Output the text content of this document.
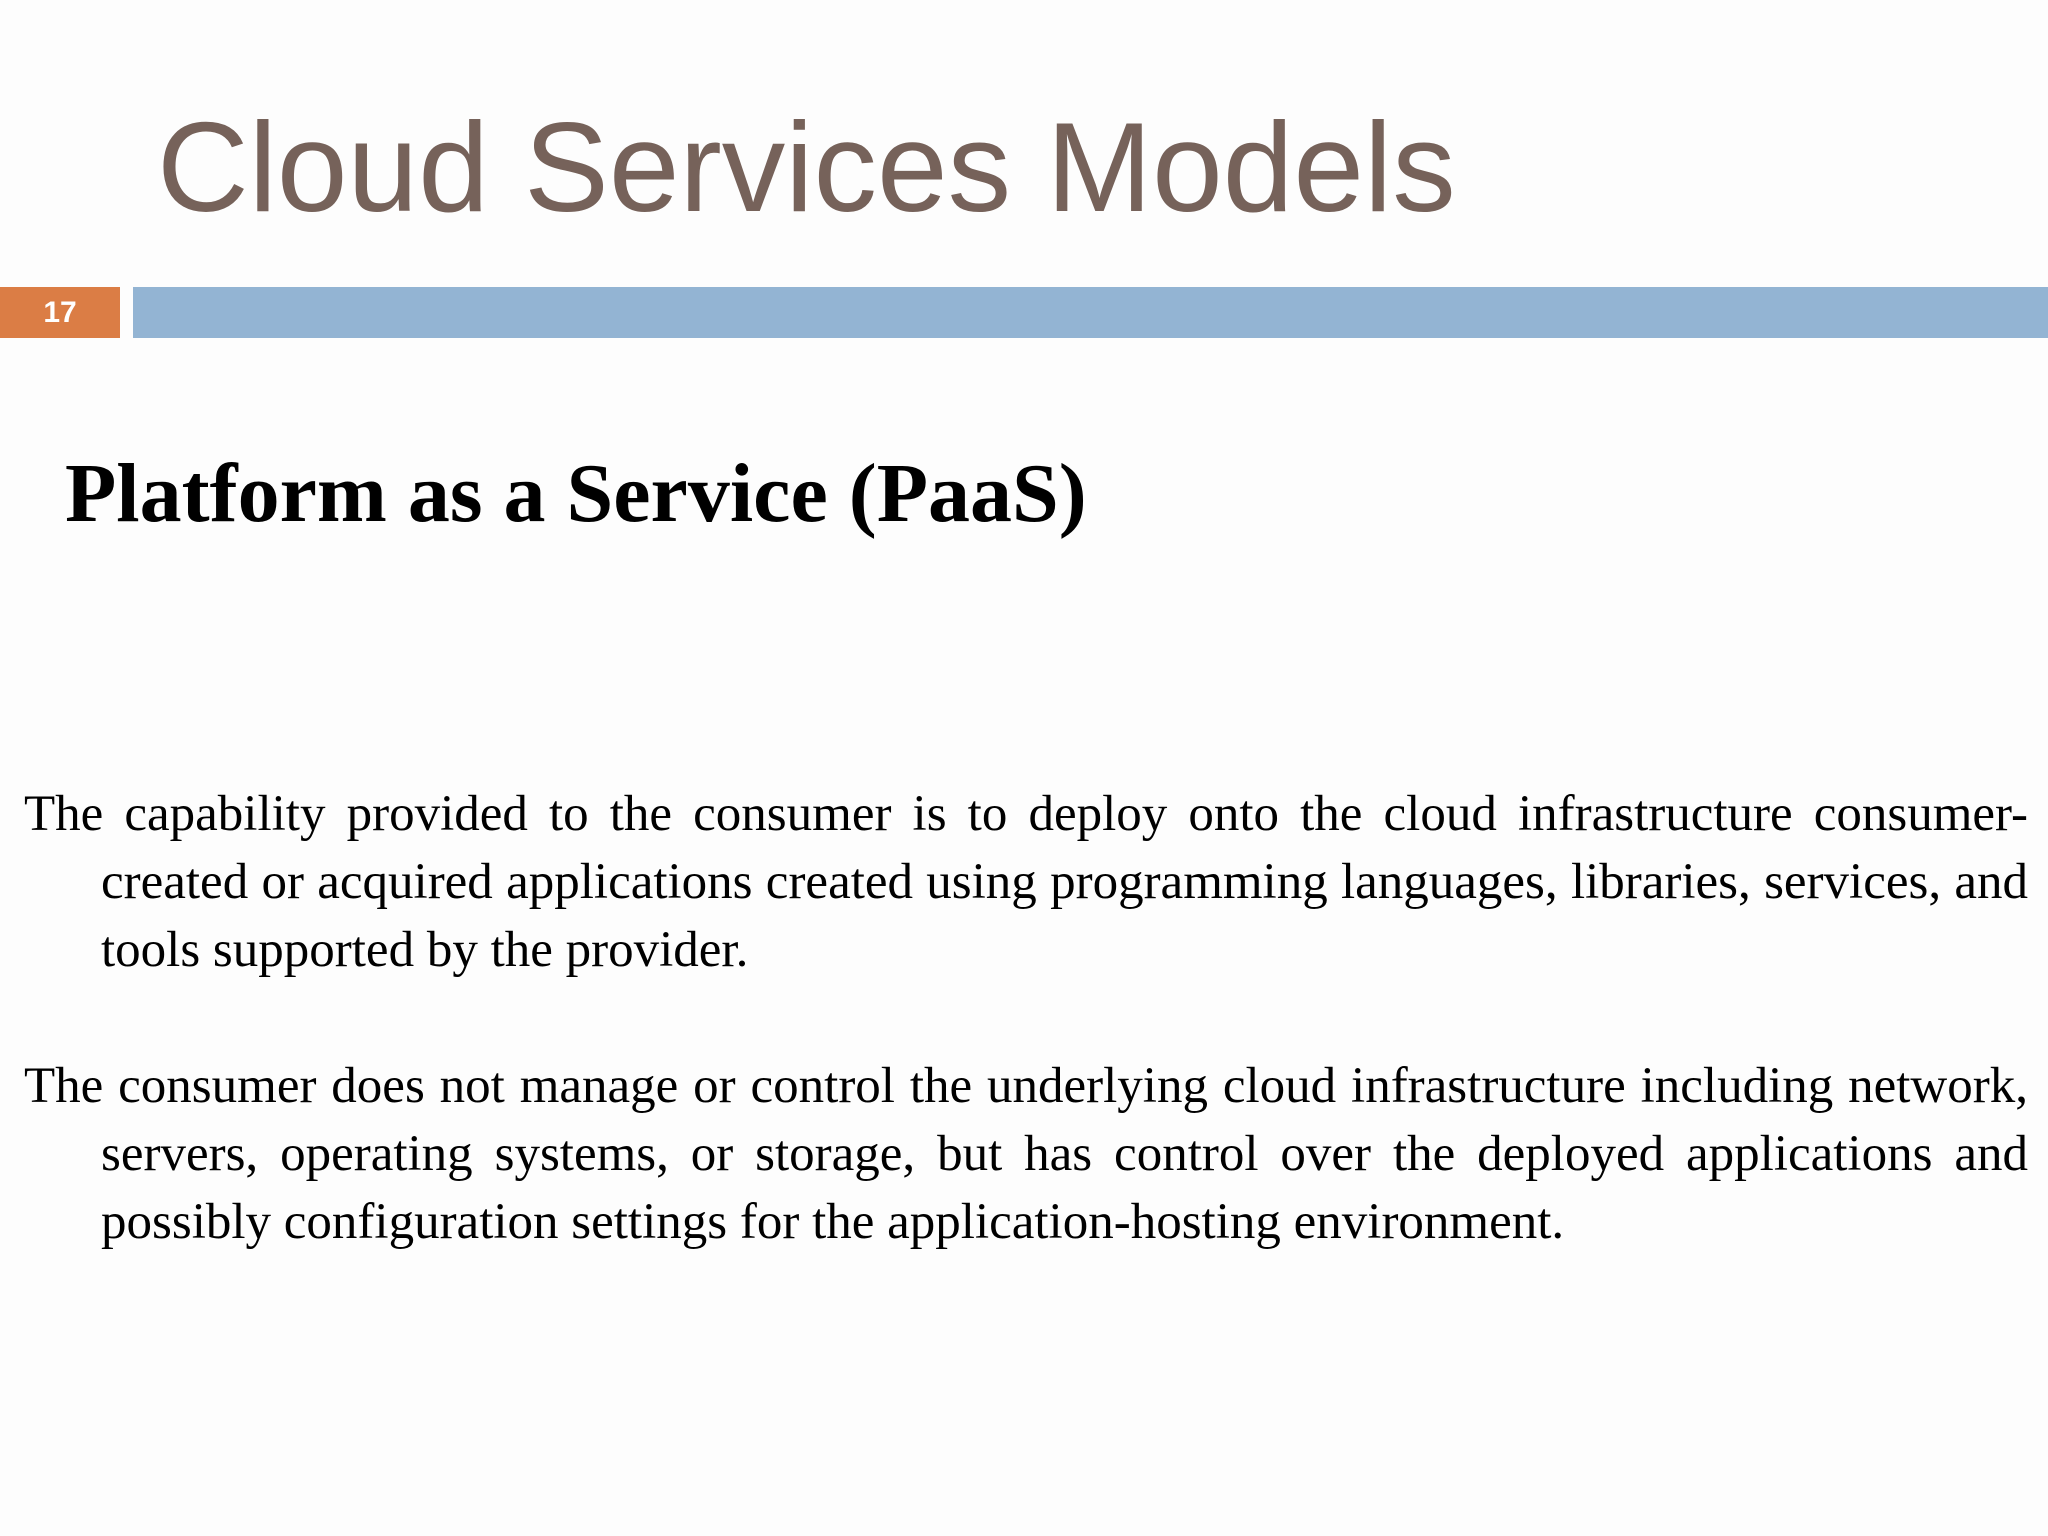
Cloud Services Models
17
Platform as a Service (PaaS)

The capability provided to the consumer is to deploy onto the cloud infrastructure consumer-created or acquired applications created using programming languages, libraries, services, and tools supported by the provider.

The consumer does not manage or control the underlying cloud infrastructure including network, servers, operating systems, or storage, but has control over the deployed applications and possibly configuration settings for the application-hosting environment.
